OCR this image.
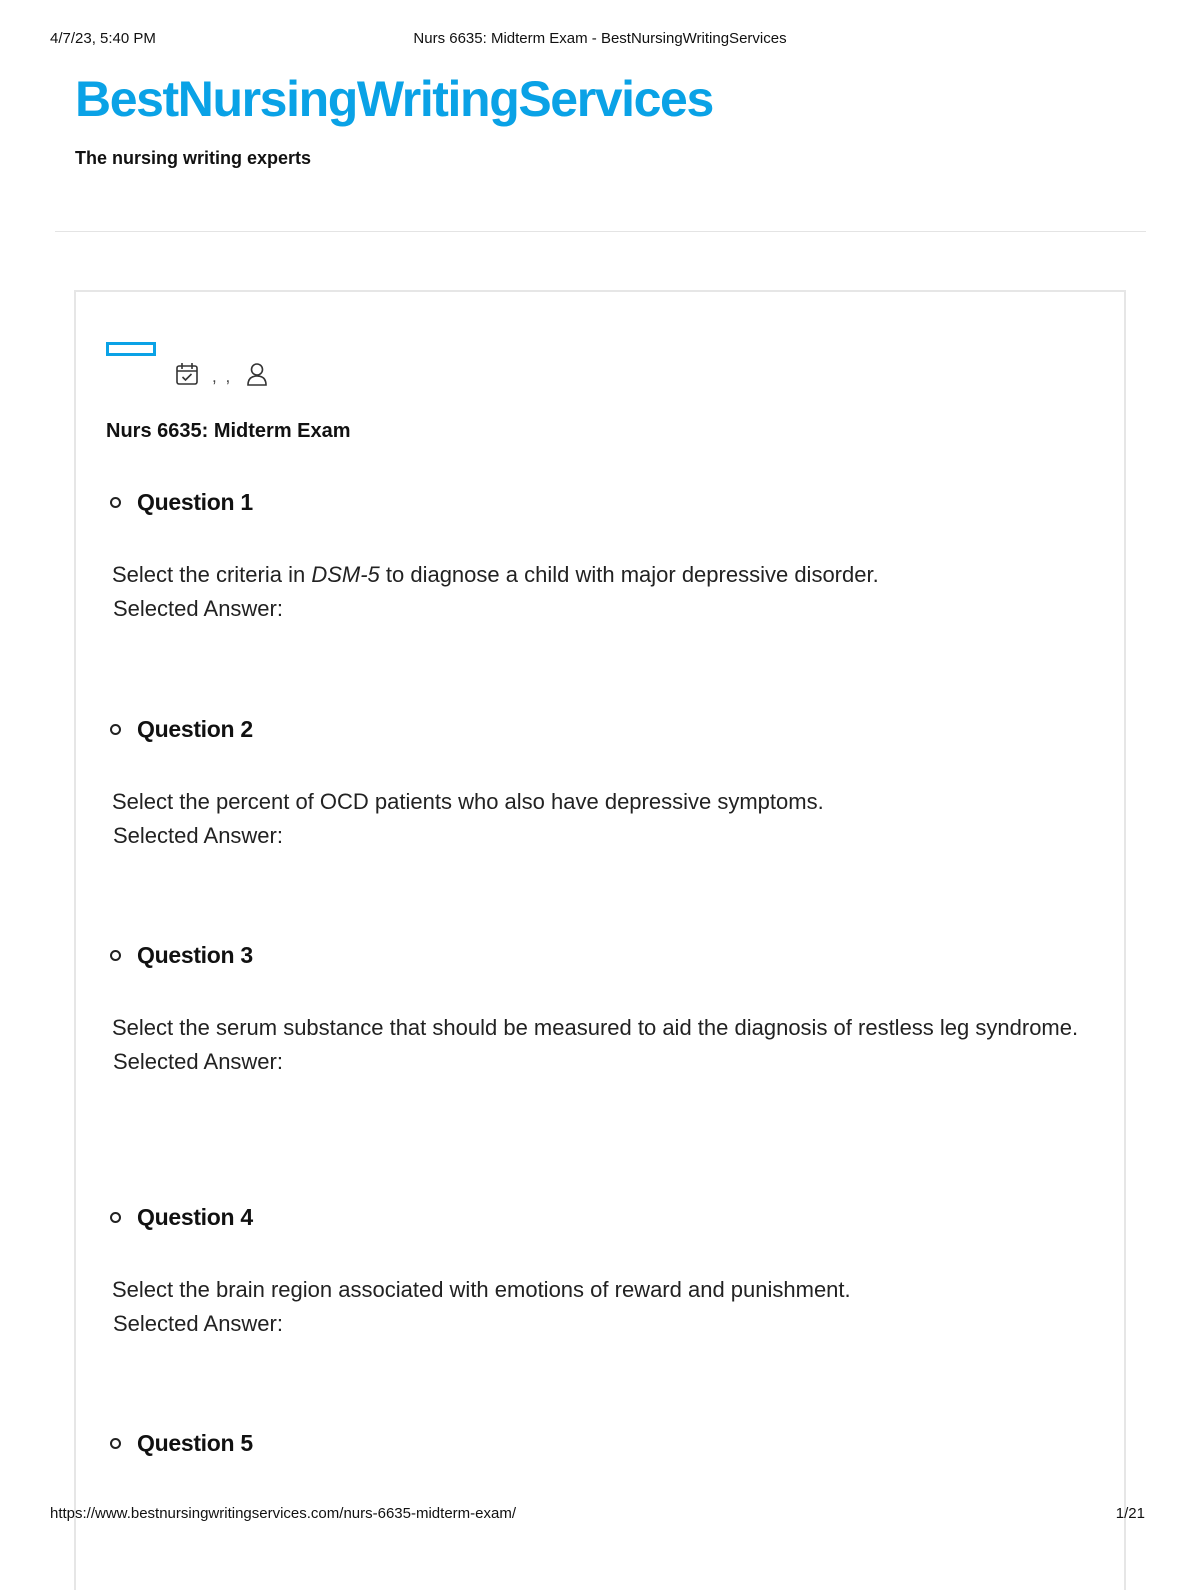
4/7/23, 5:40 PM	Nurs 6635: Midterm Exam - BestNursingWritingServices
BestNursingWritingServices
The nursing writing experts
, ,
Nurs 6635: Midterm Exam
Question 1
Select the criteria in DSM-5 to diagnose a child with major depressive disorder.
Selected Answer:
Question 2
Select the percent of OCD patients who also have depressive symptoms.
Selected Answer:
Question 3
Select the serum substance that should be measured to aid the diagnosis of restless leg syndrome.
Selected Answer:
Question 4
Select the brain region associated with emotions of reward and punishment.
Selected Answer:
Question 5
https://www.bestnursingwritingservices.com/nurs-6635-midterm-exam/	1/21
